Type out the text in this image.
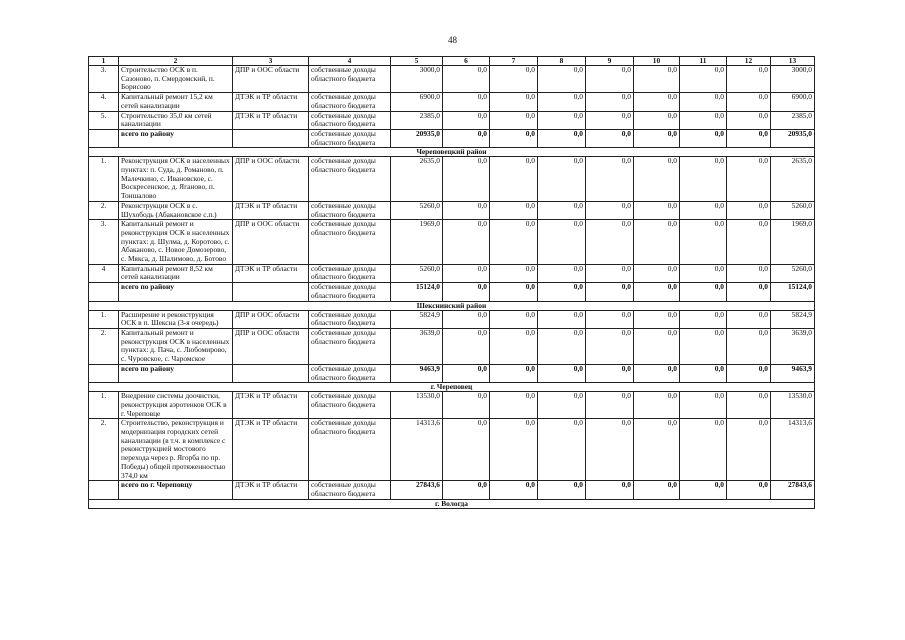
48
1	2	3	4	5	6	7	8	9	10	11	12	13
3.	Строительство ОСК в п. Сазоново, п. Смердомский, п. Борисово	ДПР и ООС области	собственные доходы областного бюджета	3000,0	0,0	0,0	0,0	0,0	0,0	0,0	0,0	3000,0
4.	Капитальный ремонт 15,2 км сетей канализации	ДТЭК и ТР области	собственные доходы областного бюджета	6900,0	0,0	0,0	0,0	0,0	0,0	0,0	0,0	6900,0
5.	Строительство 35,0 км сетей канализации	ДТЭК и ТР области	собственные доходы областного бюджета	2385,0	0,0	0,0	0,0	0,0	0,0	0,0	0,0	2385,0
	всего по району		собственные доходы областного бюджета	20935,0	0,0	0,0	0,0	0,0	0,0	0,0	0,0	20935,0
Череповецкий район												
1.	Реконструкция ОСК в населенных пунктах: п. Суда, д. Романово, п. Малечкино, с. Ивановское, с. Воскресенское, д. Яганово, п. Тоншалово	ДПР и ООС области	собственные доходы областного бюджета	2635,0	0,0	0,0	0,0	0,0	0,0	0,0	0,0	2635,0
2.	Реконструкция ОСК в с. Шухободь (Абакановское с.п.)	ДТЭК и ТР области	собственные доходы областного бюджета	5260,0	0,0	0,0	0,0	0,0	0,0	0,0	0,0	5260,0
3.	Капитальный ремонт и реконструкция ОСК в населенных пунктах: д. Шулма, д. Коротово, с. Абаканово, с. Новое Домозерово, с. Мякса, д. Шалимово, д. Ботово	ДПР и ООС области	собственные доходы областного бюджета	1969,0	0,0	0,0	0,0	0,0	0,0	0,0	0,0	1969,0
4	Капитальный ремонт 8,52 км сетей канализации	ДТЭК и ТР области	собственные доходы областного бюджета	5260,0	0,0	0,0	0,0	0,0	0,0	0,0	0,0	5260,0
	всего по району		собственные доходы областного бюджета	15124,0	0,0	0,0	0,0	0,0	0,0	0,0	0,0	15124,0
Шекснинский район												
1.	Расширение и реконструкция ОСК в п. Шексна (3-я очередь)	ДПР и ООС области	собственные доходы областного бюджета	5824,9	0,0	0,0	0,0	0,0	0,0	0,0	0,0	5824,9
2.	Капитальный ремонт и реконструкция ОСК в населенных пунктах: д. Пача, с. Любомирово, с. Чуровское, с. Чаромское	ДПР и ООС области	собственные доходы областного бюджета	3639,0	0,0	0,0	0,0	0,0	0,0	0,0	0,0	3639,0
	всего по району		собственные доходы областного бюджета	9463,9	0,0	0,0	0,0	0,0	0,0	0,0	0,0	9463,9
г. Череповец												
1.	Внедрение системы доочистки, реконструкция аэротенков ОСК в г. Череповце	ДТЭК и ТР области	собственные доходы областного бюджета	13530,0	0,0	0,0	0,0	0,0	0,0	0,0	0,0	13530,0
2.	Строительство, реконструкция и модернизация городских сетей канализации (в т.ч. в комплексе с реконструкцией мостового перехода через р. Ягорба по пр. Победы) общей протяженностью 374,0 км	ДТЭК и ТР области	собственные доходы областного бюджета	14313,6	0,0	0,0	0,0	0,0	0,0	0,0	0,0	14313,6
	всего по г. Череповцу	ДТЭК и ТР области	собственные доходы областного бюджета	27843,6	0,0	0,0	0,0	0,0	0,0	0,0	0,0	27843,6
г. Вологда												
